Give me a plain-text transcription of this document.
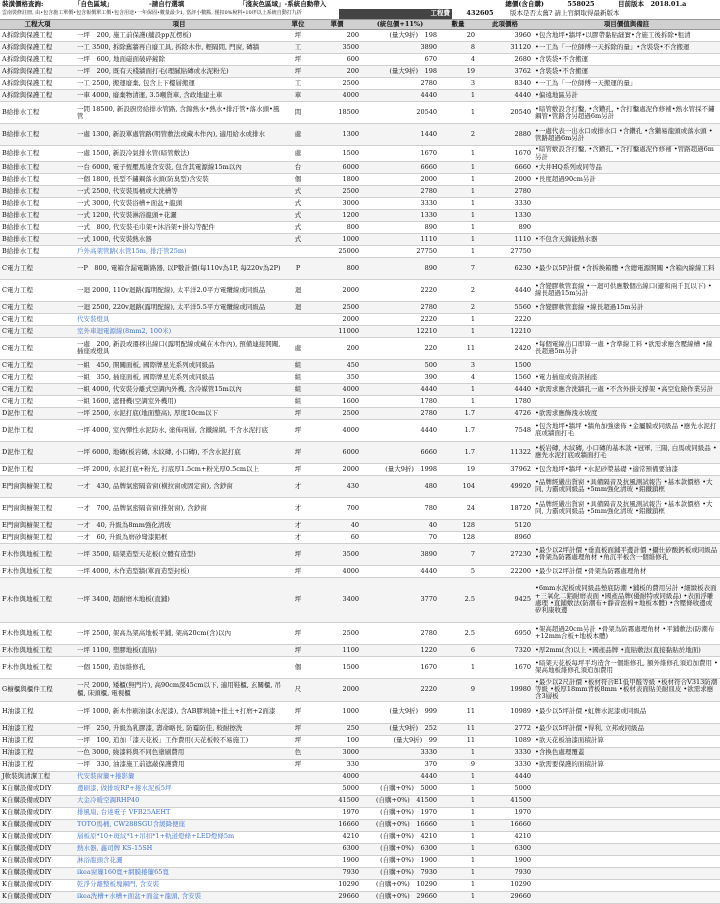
裝潢價格查詢:	「自色區域」	-請自行選填	「淺灰色區域」-系統自動帶入	總價(含自購)	558025	目前版本　 2018.01.a
雲南裝修註冊, 由•包含施工單價•包含報價單工價•包含用途•一年保固•數量最少1, 當評小數點, 僅扣0%稅料•10坪以上系統自動打九折	工程費	432605	版本是否太舊? 請上官網取得最新版本
工程大項	項目	單位	單價	(統包價+11%)	數量	此項價格	項目價值與備註
A拆除與保護工程	一坪　200, 施工前保護(舖設pp瓦楞板)	坪	200	(量大9折)　198	20	3960	•包含地坪•牆坪•以膠帶黏貼縫實•含施工後拆除•租清
A拆除與保護工程	一工 3500, 拆除舊牆再自廢工具, 拆除木作, 輕隔間, 門窗, 磚牆	工	3500	3890	8	31120	•一工為「一位師傅一天拆除的量」•含裝袋•不含搬運
A拆除與保護工程	一坪　600, 地面磁面破碎鏟除	坪	600	670	4	2680	•含裝袋•不含搬運
A拆除與保護工程	一坪　200, 既有天棧牆面打毛(理膩貼磚或水泥粉光)	坪	200	(量大9折)　198	19	3762	•含裝袋•不含搬運
A拆除與保護工程	一工 2500, 搬運廢棄, 包含上下樓層搬運	工	2500	2780	3	8340	•一工為「一位師傅一天搬運的量」
A拆除與保護工程	一車 4000, 廢棄物清運, 3.5噸貨車, 含政地建土車	車	4000	4440	1	4440	•偏遠地區另計
B給排水工程	一間 18500, 新設廚房給排水管路, 含錦熱水•熱水•排汙管•落水頭•風管	間	18500	20540	1	20540	•暗管敷設含打鑿, •含鑽孔, •含打鑿處泥作修補•熱水管採不鏽鋼管•管路含另超過6m另計
B給排水工程	一處 1300, 新設單處管路(明管敷法或藏木作內), 適用給水或排水	處	1300	1440	2	2880	•一處代表一出水口或排水口 •含鑽孔 •含獺易龍頭或落水頭 •管路超過6m另計
B給排水工程	一處 1500, 新設冷氣排水管(暗管敷法)	處	1500	1670	1	1670	•暗管敷設含打鑿, •含鑽孔, •含打鑿處泥作修補 •管路超過6m另計
B給排水工程	一台 6000, 電子恆壓馬達含安裝, 包含其電源線15m以內	台	6000	6660	1	6660	•大井HQ系列或同等品
B給排水工程	一個 1800, 長型不鏽鋼落水頭(防臭型)含安裝	個	1800	2000	1	2000	•長度超過90cm另計
B給排水工程	一式 2500, 代安裝馬桶或大洗槽等	式	2500	2780	1	2780	
B給排水工程	一式 3000, 代安裝浴槽+面盆+龍頭	式	3000	3330	1	3330	
B給排水工程	一式 1200, 代安裝淋浴龍頭+花灑	式	1200	1330	1	1330	
B給排水工程	一式　800, 代安裝毛巾架+沐浴架+掛勾等配件	式	800	890	1	890	
B給排水工程	一式 1000, 代安裝熱水器	式	1000	1110	1	1110	•不包含天錦能熱水器
B給排水工程	戶外高架管路(水管15m, 排汙管25m)		25000	27750	1	27750	
C電力工程	一P　800, 電箱含漏電斷路器, 以P數計價(每110v為1P, 每220v為2P)	P	800	890	7	6230	•最少以5P計價 •含拆換箱體 •含總電源開關 •含箱內線線工料
C電力工程	一迴 2000, 110v迴路(露明配線), 太平洋2.0平方電纜線或同級品	迴	2000	2220	2	4440	•含變膠軟管套線 •一迴可供應數個出線口(避和兩千瓦以下) •線長超過15m另計
C電力工程	一迴 2500, 220v迴路(露明配線), 太平洋5.5平方電纜線或同級品	迴	2500	2780	2	5560	•含變膠軟管套線 •線長超過15m另計
C電力工程	代安裝燈具		2000	2220	1	2220	
C電力工程	室外車迴電源線(8mm2, 100米)		11000	12210	1	12210	
C電力工程	一處　200, 新設或遷移出線口(露明配線或藏在木作內), 預備連接開關, 插座或燈具	處	200	220	11	2420	•每個電線出口即算一處 •含準線工料 •欲需求應含壓線槽 •線長超過5m另計
C電力工程	一組　450, 開關面板, 國際牌星光系列或同級品	組	450	500	3	1500	
C電力工程	一組　350, 插座面板, 國際牌星光系列或同級品	組	350	390	4	1560	•電力插座或資訊插座
C電力工程	一組 4000, 代安裝分離式空調內外機, 含冷媒管15m以內	組	4000	4440	1	4440	•欲需求應含洗牆孔一處 •不含外掛支撐架 •高空危險作業另計
C電力工程	一組 1600, 遮冊機(空調室外機用)	組	1600	1780	1	1780	
D泥作工程	一坪 2500, 水泥打底(地面整高), 厚度10cm以下	坪	2500	2780	1.7	4726	•欲需求應飾洩水坡度
D泥作工程	一坪 4000, 室內彈性水泥防水, 塗佈兩層, 含鐵線網, 不含水泥打底	坪	4000	4440	1.7	7548	•包含地坪•牆坪 •牆角加強塗佈 •金屬膜或同級品 •應先水泥打底或牆面打毛
D泥作工程	一坪 6000, 地磚(板岩磚, 木紋磚, 小口磚), 不含水泥打底	坪	6000	6660	1.7	11322	•板岩磚, 木紋磚, 小口磚的基本款 •冠軍, 三陽, 白馬或同級品 •應先水泥打底或牆面打毛
D泥作工程	一坪 2000, 水泥打底+粉光, 打底厚1.5cm+粉光厚0.5cm以上	坪	2000	(量大9折)　1998	19	37962	•包含地坪•牆坪 •水泥砂漿基礎 •適常預備要油漆
E門窗與櫥架工程	一才　430, 品牌氣密隔音窗(橫拉窗或固定窗), 含鈔窗	才	430	480	104	49920	•品牌經嚴出貨窗 •具備隔音及抗風測試報告 •基本款價格 •大同, 力霸或同級品 •5mm強化清玻 •鋁鐵鎖框
E門窗與櫥架工程	一才　700, 品牌氣密隔音窗(推射窗), 含鈔窗	才	700	780	24	18720	•品牌經嚴出貨窗 •具備隔音及抗風測試報告 •基本款價格 •大同, 力霸或同級品 •5mm強化清玻 •鋁鐵鎖框
E門窗與櫥架工程	一才　40, 升級為8mm強化清玻	才	40	40	128	5120	
E門窗與櫥架工程	一才　60, 升級為磨砂彎漆鋁框	才	60	70	128	8960	
F木作與地板工程	一坪 3500, 暗架造型天花板(立體有造型)	坪	3500	3890	7	27230	•最少以2坪計價 •垂直板面鋪平邊計價 •攝仕矽酸鈣板或同級品 •骨架為防霧處理角材 •角沉平板含一個維修孔
F木作與地板工程	一坪 4000, 木作造型牆(單面造型封板)	坪	4000	4440	5	22200	•最少以2坪計價 •骨架為防霧處理角材
F木作與地板工程	一坪 3400, 超耐磨木地板(直鋪)	坪	3400	3770	2.5	9425	•6mm水泥板或同級品墊底防潮 •鋪板的費用另計 •細緻板表面+三氧化二鋁耐磨表面 •國產品牌(優耐特或同級品) •表面浮雕處理 •直鋪敷法(防潮布+靜音泡棉+地板本體) •含壓條收邊或矽利康收邊
F木作與地板工程	一坪 2500, 架高為架高地板平鋪, 架高20cm(含)以內	坪	2500	2780	2.5	6950	•架高超過20cm另計 •骨架為防霧處理角材 •平鋪敷法(防潮布+12mm合板+地板本體)
F木作與地板工程	一坪 1100, 塑膠地板(直貼)	坪	1100	1220	6	7320	•厚2mm(含)以上 •國產品牌 •直貼敷法(直接黏貼於地面)
F木作與地板工程	一個 1500, 造加維修孔	個	1500	1670	1	1670	•暗架天花板每坪平均造含一個維修孔, 額外維修孔須追加費用 •架高地板維修孔須追加費用
G櫥櫃與櫃件工程	一尺 2000, 矮櫃(無門片), 高90cm深45cm以下, 適用鞋櫃, 玄關櫃, 吊櫃, 床頭櫃, 電視櫃	尺	2000	2220	9	19980	•最少以2尺計價 •板材符合E1低甲醛等級 •板材符合V313防潮等級 •板厚18mm背板8mm •板材表面貼美耐皿皮 •欲需求應含3層板
H油漆工程	一坪 1000, 新木作刷油漆(水泥漆), 含AB膠填縫+批土+打磨+2面漆	坪	1000	(量大9折)　999	11	10989	•最少以5坪計價 •虹牌水泥漆或同級品
H油漆工程	一坪　250, 升級為乳膠漆, 壽命略長, 防霉防佳, 較耐擦洗	坪	250	(量大9折)　252	11	2772	•最少以5坪計價 •得利, 立邦或同級品
H油漆工程	一坪　100, 追加「漆天花板」工作費用(天花板較不易施工)	坪	100	(量大9折)　99	11	1089	•欲天花板油漆面積計算
H油漆工程	一色 3000, 繞漆料與不同色塗刷費用	色	3000	3330	1	3330	•含換色處理覆蓋
H油漆工程	一坪　330, 油漆施工前遮蔽保護費用	坪	330	370	9	3330	•欲需要保護的面積計算
J軟裝與清潔工程	代安裝窗簾+捲影簾		4000	4440	1	4440	
K自購設備或DIY	邊刷漆, 做排坡RP+捲水泥板5坪		5000	(自購+0%)　5000	1	5000	
K自購設備或DIY	大金冷暖空調RHP40		41500	(自購+0%)　41500	1	41500	
K自購設備或DIY	排風扇, 台達電子 VFB25AEHT		1970	(自購+0%)　1970	1	1970	
K自購設備或DIY	TOTO馬桶, CW288SGU含緩降便座		16660	(自購+0%)　16660	1	16660	
K自購設備或DIY	層板原*10+斑紋*1+吊扣*1+軌道燈條+LED燈條5m		4210	(自購+0%)　4210	1	4210	
K自購設備或DIY	熱水器, 鑫司牌 KS-15SH		6300	(自購+0%)　6300	1	6300	
K自購設備或DIY	淋浴龍頭含花灑		1900	(自購+0%)　1900	1	1900	
K自購設備或DIY	ikea窗簾160寬+網膜捲簾65寬		7930	(自購+0%)　7930	1	7930	
K自購設備或DIY	乾淨分離整板塊鋼門, 含安裝		10290	(自購+0%)　10290	1	10290	
K自購設備或DIY	ikea洗槽+水槽+面盆+面盆+龍頭, 含安裝		29660	(自購+0%)　29660	1	29660	
